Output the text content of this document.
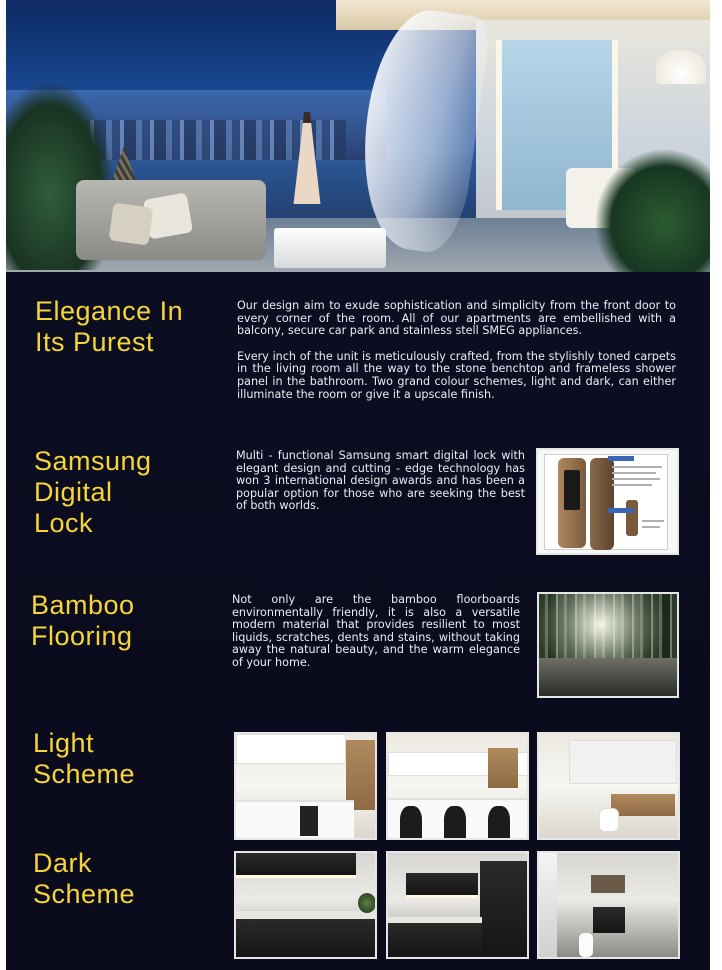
Elegance In
Its Purest

Our design aim to exude sophistication and simplicity from the front door to every corner of the room. All of our apartments are embellished with a balcony, secure car park and stainless stell SMEG appliances.

Every inch of the unit is meticulously crafted, from the stylishly toned carpets in the living room all the way to the stone benchtop and frameless shower panel in the bathroom. Two grand colour schemes, light and dark, can either illuminate the room or give it a upscale finish.

Samsung
Digital
Lock

Multi - functional Samsung smart digital lock with elegant design and cutting - edge technology has won 3 international design awards and has been a popular option for those who are seeking the best of both worlds.

Bamboo
Flooring

Not only are the bamboo floorboards environmentally friendly, it is also a versatile modern material that provides resilient to most liquids, scratches, dents and stains, without taking away the natural beauty, and the warm elegance of your home.

Light
Scheme
Dark
Scheme
